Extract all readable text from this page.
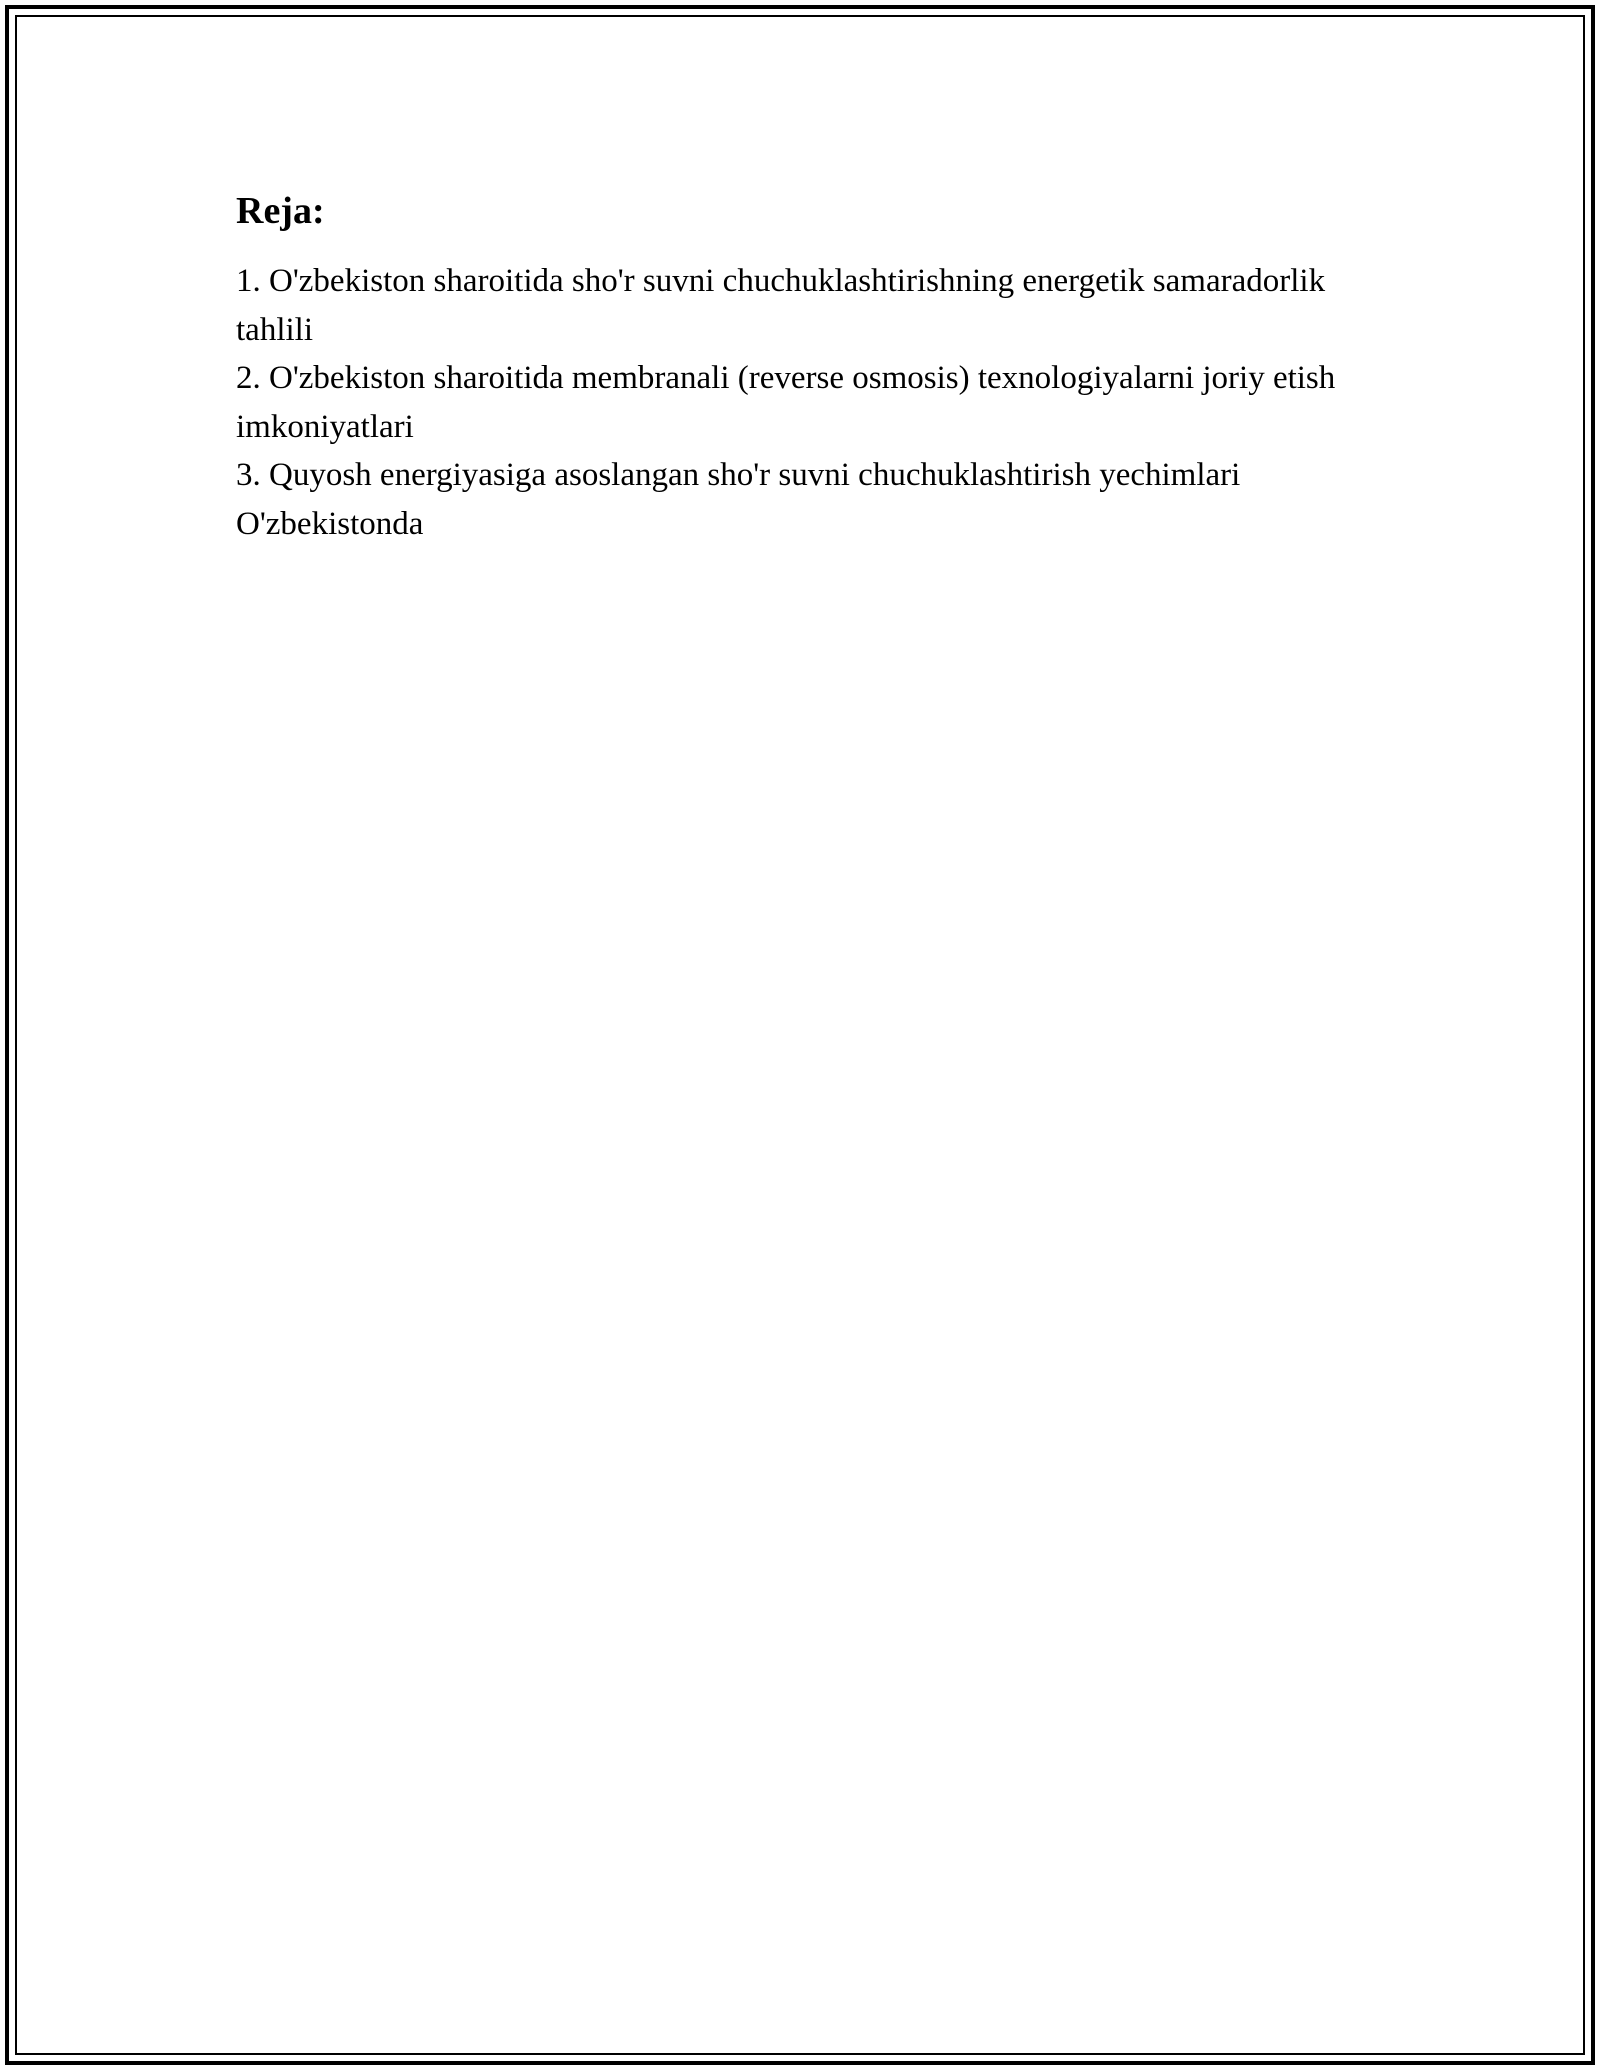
Reja:
1. O'zbekiston sharoitida sho'r suvni chuchuklashtirishning energetik samaradorlik tahlili
2. O'zbekiston sharoitida membranali (reverse osmosis) texnologiyalarni joriy etish imkoniyatlari
3. Quyosh energiyasiga asoslangan sho'r suvni chuchuklashtirish yechimlari O'zbekistonda
